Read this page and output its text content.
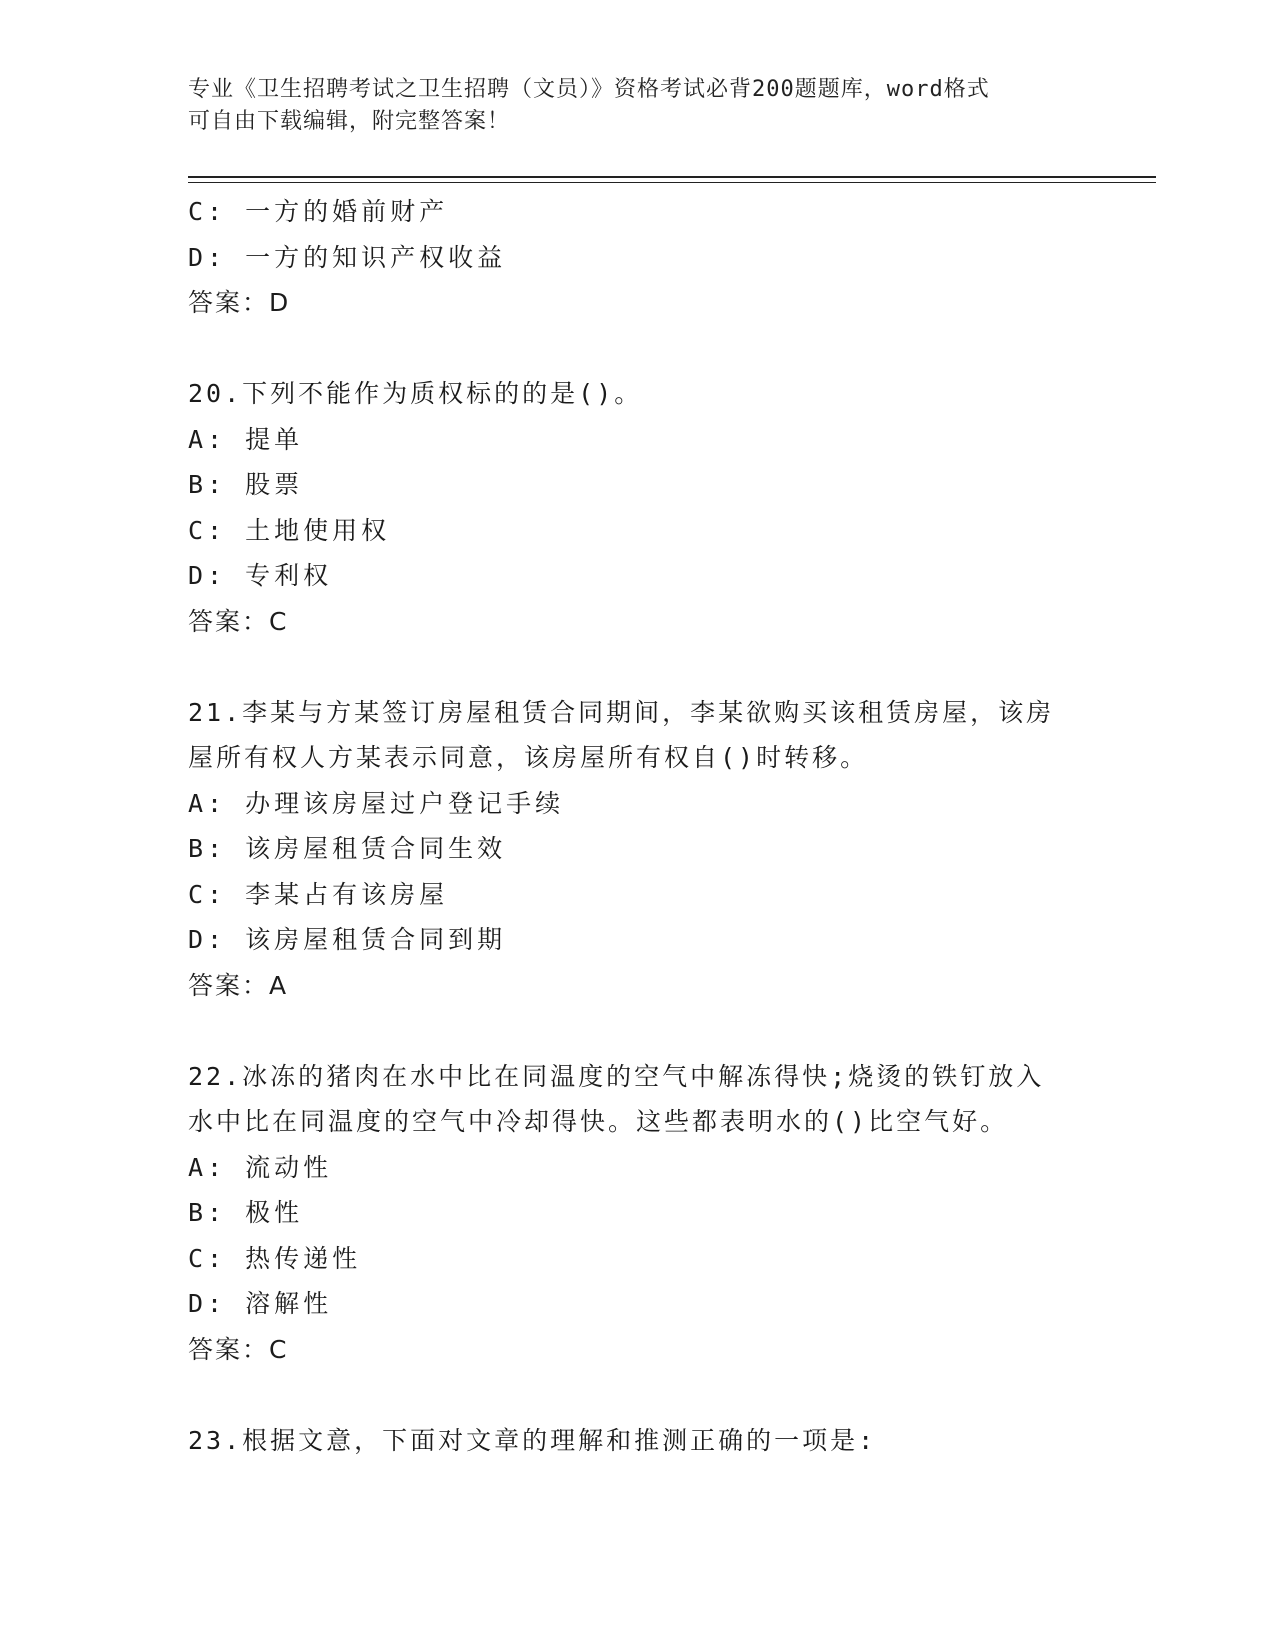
专业《卫生招聘考试之卫生招聘（文员）》资格考试必背200题题库，word格式
可自由下载编辑，附完整答案！
C: 一方的婚前财产
D: 一方的知识产权收益
答案：D
20.下列不能作为质权标的的是()。
A: 提单
B: 股票
C: 土地使用权
D: 专利权
答案：C
21.李某与方某签订房屋租赁合同期间，李某欲购买该租赁房屋，该房
屋所有权人方某表示同意，该房屋所有权自()时转移。
A: 办理该房屋过户登记手续
B: 该房屋租赁合同生效
C: 李某占有该房屋
D: 该房屋租赁合同到期
答案：A
22.冰冻的猪肉在水中比在同温度的空气中解冻得快;烧烫的铁钉放入
水中比在同温度的空气中冷却得快。这些都表明水的()比空气好。
A: 流动性
B: 极性
C: 热传递性
D: 溶解性
答案：C
23.根据文意，下面对文章的理解和推测正确的一项是:
